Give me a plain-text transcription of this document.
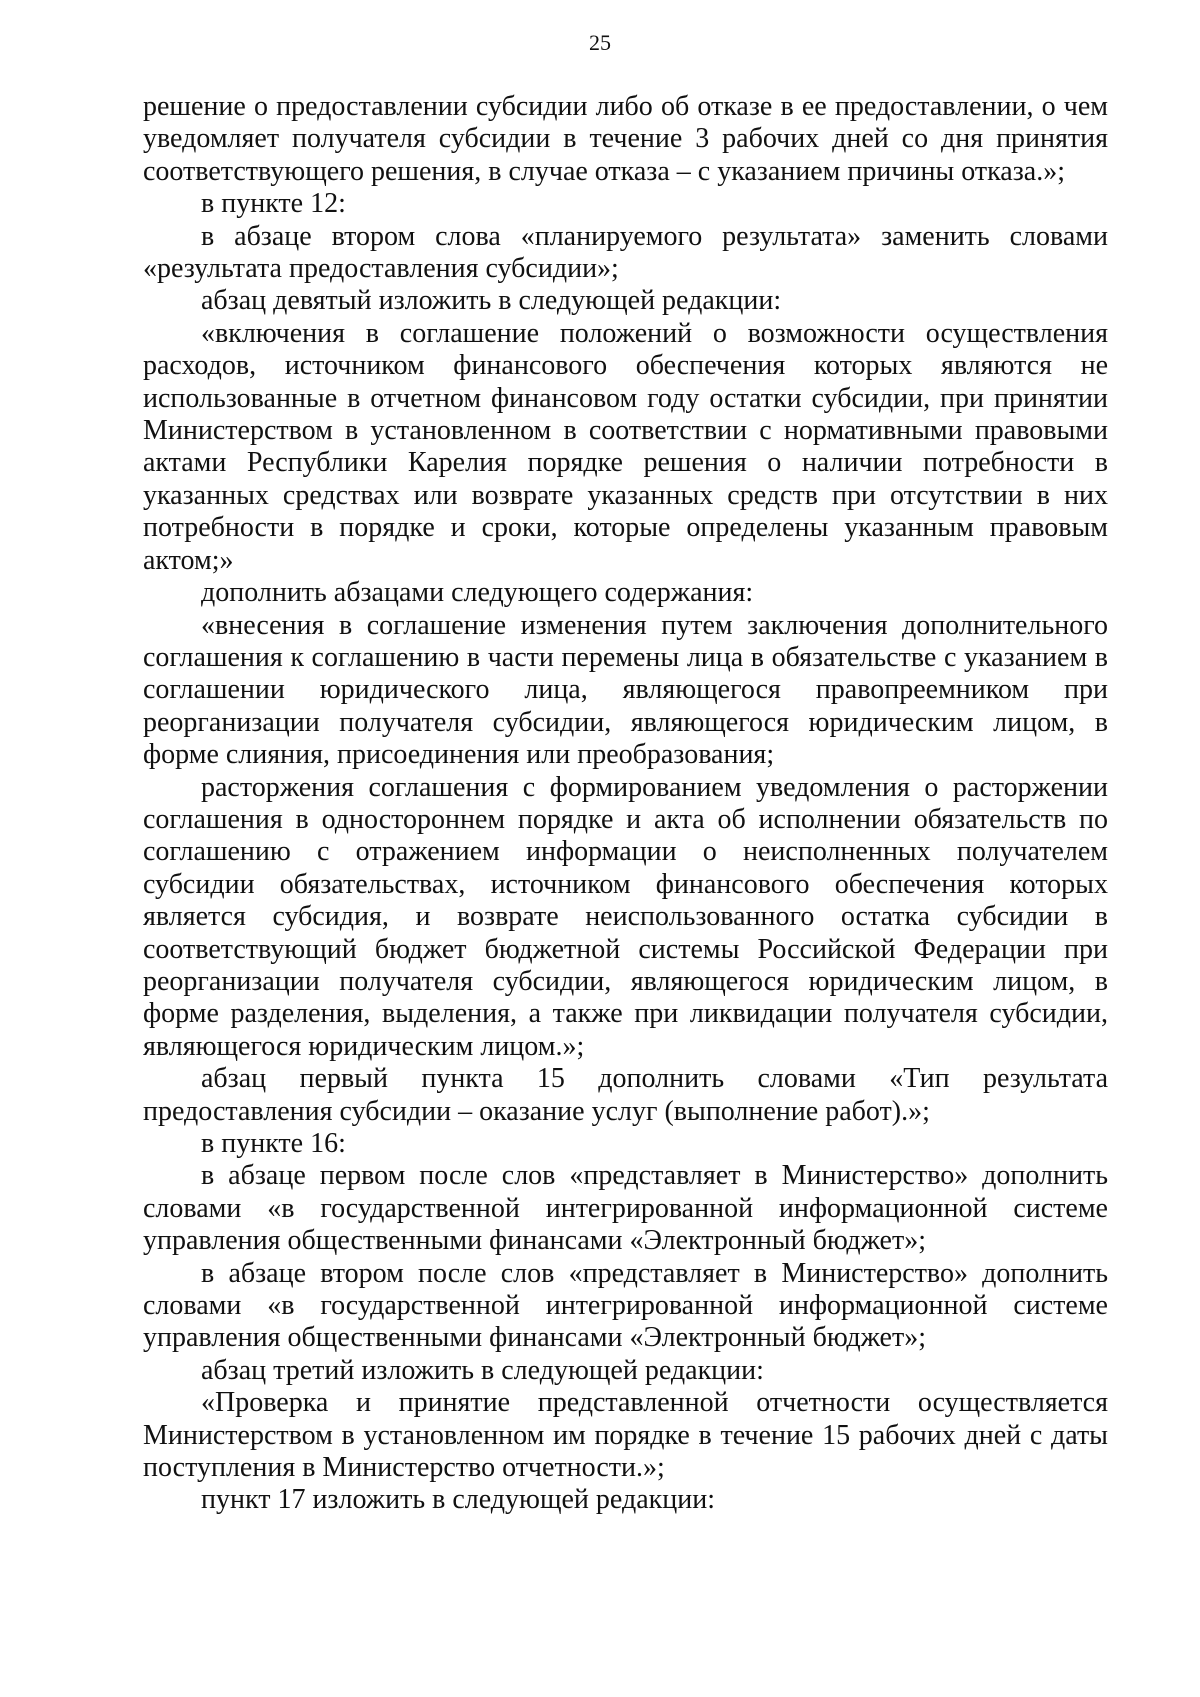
25

решение о предоставлении субсидии либо об отказе в ее предоставлении, о чем уведомляет получателя субсидии в течение 3 рабочих дней со дня принятия соответствующего решения, в случае отказа – с указанием причины отказа.»;

в пункте 12:

в абзаце втором слова «планируемого результата» заменить словами «результата предоставления субсидии»;

абзац девятый изложить в следующей редакции:

«включения в соглашение положений о возможности осуществления расходов, источником финансового обеспечения которых являются не использованные в отчетном финансовом году остатки субсидии, при принятии Министерством в установленном в соответствии с нормативными правовыми актами Республики Карелия порядке решения о наличии потребности в указанных средствах или возврате указанных средств при отсутствии в них потребности в порядке и сроки, которые определены указанным правовым актом;»

дополнить абзацами следующего содержания:

«внесения в соглашение изменения путем заключения дополнительного соглашения к соглашению в части перемены лица в обязательстве с указанием в соглашении юридического лица, являющегося правопреемником при реорганизации получателя субсидии, являющегося юридическим лицом, в форме слияния, присоединения или преобразования;

расторжения соглашения с формированием уведомления о расторжении соглашения в одностороннем порядке и акта об исполнении обязательств по соглашению с отражением информации о неисполненных получателем субсидии обязательствах, источником финансового обеспечения которых является субсидия, и возврате неиспользованного остатка субсидии в соответствующий бюджет бюджетной системы Российской Федерации при реорганизации получателя субсидии, являющегося юридическим лицом, в форме разделения, выделения, а также при ликвидации получателя субсидии, являющегося юридическим лицом.»;

абзац первый пункта 15 дополнить словами «Тип результата предоставления субсидии – оказание услуг (выполнение работ).»;

в пункте 16:

в абзаце первом после слов «представляет в Министерство» дополнить словами «в государственной интегрированной информационной системе управления общественными финансами «Электронный бюджет»;

в абзаце втором после слов «представляет в Министерство» дополнить словами «в государственной интегрированной информационной системе управления общественными финансами «Электронный бюджет»;

абзац третий изложить в следующей редакции:

«Проверка и принятие представленной отчетности осуществляется Министерством в установленном им порядке в течение 15 рабочих дней с даты поступления в Министерство отчетности.»;

пункт 17 изложить в следующей редакции:
